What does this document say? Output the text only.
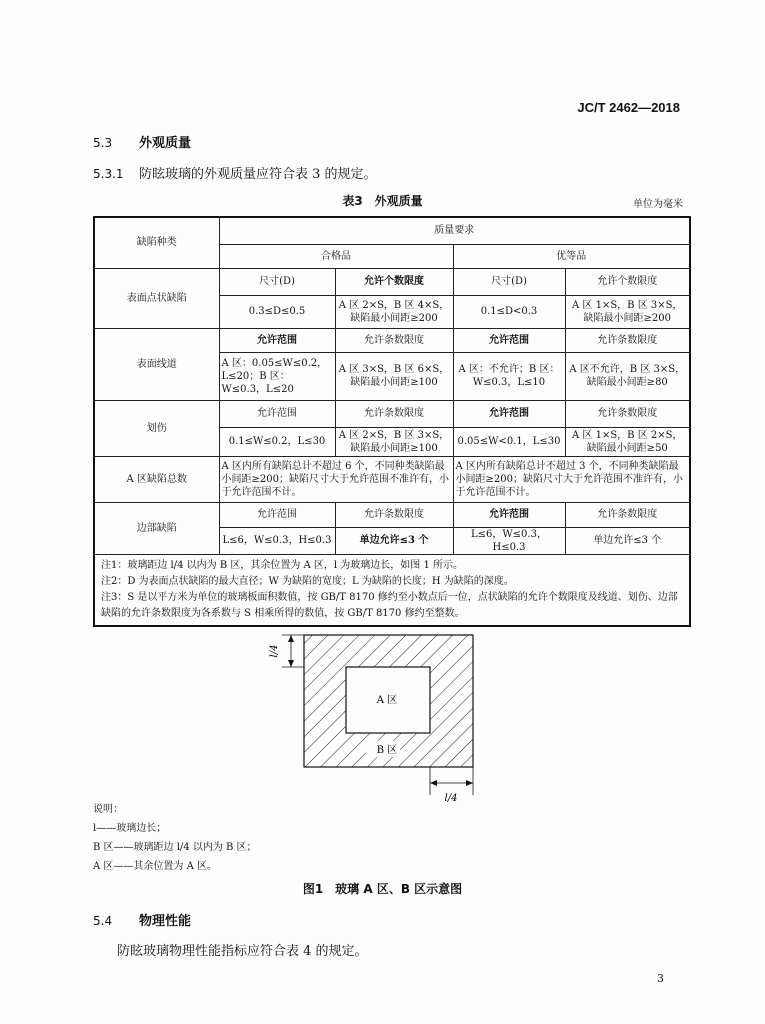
JC/T 2462—2018
5.3 外观质量
5.3.1 防眩玻璃的外观质量应符合表 3 的规定。
表3　外观质量	单位为毫米
缺陷种类	质量要求			
	合格品		优等品	
表面点状缺陷	尺寸(D)	允许个数限度	尺寸(D)	允许个数限度
	0.3≤D≤0.5	A 区 2×S，B 区 4×S，缺陷最小间距≥200	0.1≤D<0.3	A 区 1×S，B 区 3×S，缺陷最小间距≥200
表面线道	允许范围	允许条数限度	允许范围	允许条数限度
	A 区：0.05≤W≤0.2，L≤20；B 区：W≤0.3，L≤20	A 区 3×S，B 区 6×S，缺陷最小间距≥100	A 区：不允许；B 区：W≤0.3，L≤10	A 区不允许，B 区 3×S，缺陷最小间距≥80
划伤	允许范围	允许条数限度	允许范围	允许条数限度
	0.1≤W≤0.2，L≤30	A 区 2×S，B 区 3×S，缺陷最小间距≥100	0.05≤W<0.1，L≤30	A 区 1×S，B 区 2×S，缺陷最小间距≥50
A 区缺陷总数	A 区内所有缺陷总计不超过 6 个，不同种类缺陷最小间距≥200；缺陷尺寸大于允许范围不准许有，小于允许范围不计。		A 区内所有缺陷总计不超过 3 个，不同种类缺陷最小间距≥200；缺陷尺寸大于允许范围不准许有，小于允许范围不计。	
边部缺陷	允许范围	允许条数限度	允许范围	允许条数限度
	L≤6，W≤0.3，H≤0.3	单边允许≤3 个	L≤6，W≤0.3，H≤0.3	单边允许≤3 个

注1：玻璃距边 l/4 以内为 B 区，其余位置为 A 区，l 为玻璃边长，如图 1 所示。
注2：D 为表面点状缺陷的最大直径；W 为缺陷的宽度；L 为缺陷的长度；H 为缺陷的深度。
注3：S 是以平方米为单位的玻璃板面积数值，按 GB/T 8170 修约至小数点后一位，点状缺陷的允许个数限度及线道、划伤、边部缺陷的允许条数限度为各系数与 S 相乘所得的数值，按 GB/T 8170 修约至整数。				
A 区
B 区
l/4
l/4
说明：
l——玻璃边长；
B 区——玻璃距边 l/4 以内为 B 区；
A 区——其余位置为 A 区。
图1　玻璃 A 区、B 区示意图
5.4 物理性能
防眩玻璃物理性能指标应符合表 4 的规定。
3
